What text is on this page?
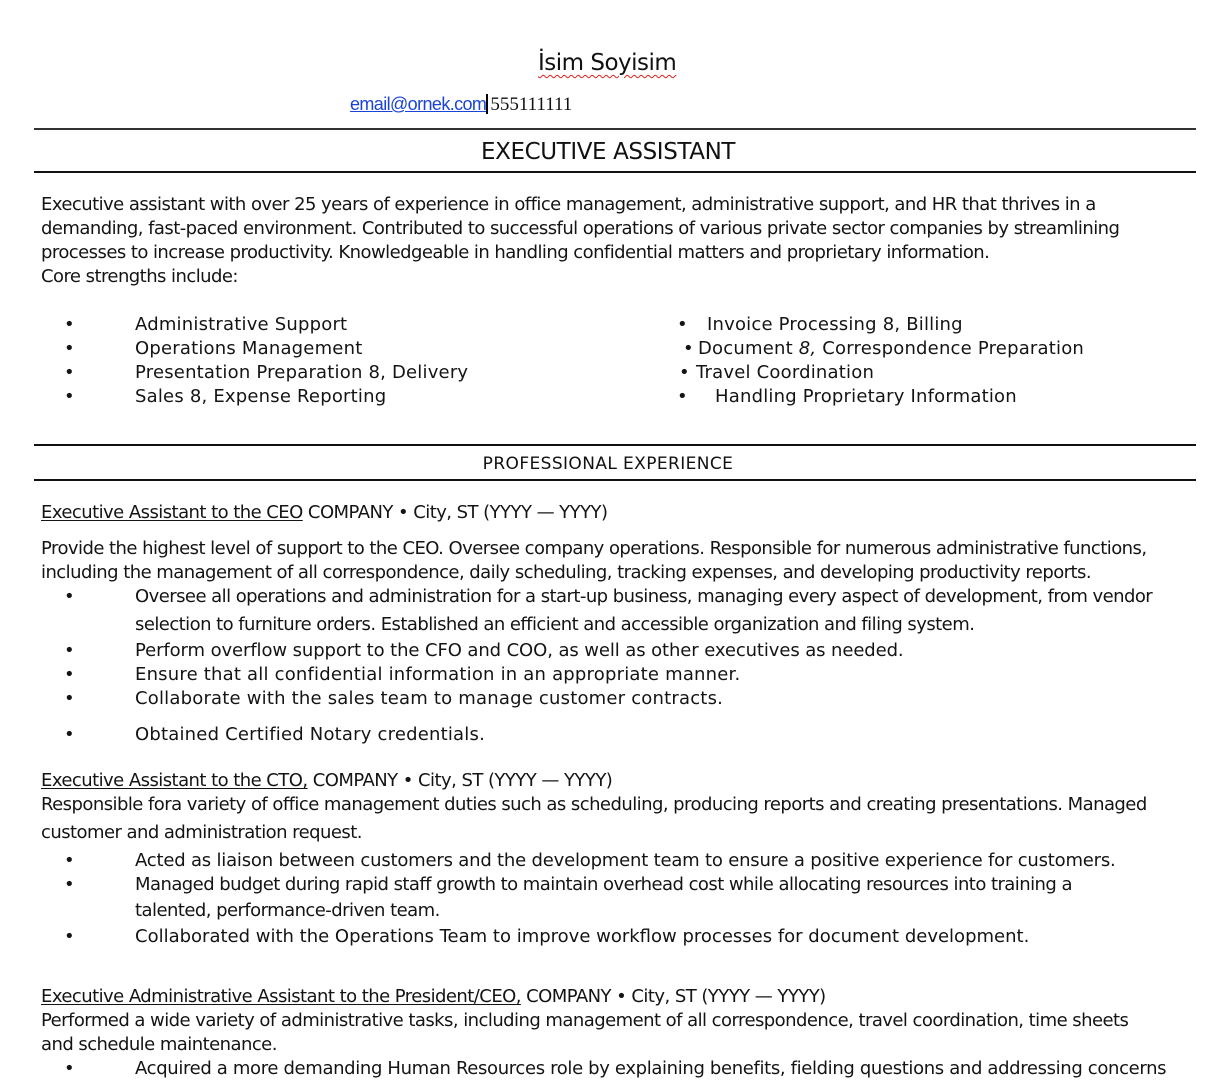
İsim Soyisim
email@ornek.com 555111111
EXECUTIVE ASSISTANT
Executive assistant with over 25 years of experience in office management, administrative support, and HR that thrives in a
demanding, fast-paced environment. Contributed to successful operations of various private sector companies by streamlining
processes to increase productivity. Knowledgeable in handling confidential matters and proprietary information.
Core strengths include:
•	Administrative Support
•	Operations Management
•	Presentation Preparation 8, Delivery
•	Sales 8, Expense Reporting
• Invoice Processing 8, Billing
• Document 8, Correspondence Preparation
• Travel Coordination
• Handling Proprietary Information
PROFESSIONAL EXPERIENCE
Executive Assistant to the CEO COMPANY • City, ST (YYYY — YYYY)
Provide the highest level of support to the CEO. Oversee company operations. Responsible for numerous administrative functions,
including the management of all correspondence, daily scheduling, tracking expenses, and developing productivity reports.
•	Oversee all operations and administration for a start-up business, managing every aspect of development, from vendor
selection to furniture orders. Established an efficient and accessible organization and filing system.
•	Perform overflow support to the CFO and COO, as well as other executives as needed.
•	Ensure that all confidential information in an appropriate manner.
•	Collaborate with the sales team to manage customer contracts.
•	Obtained Certified Notary credentials.
Executive Assistant to the CTO, COMPANY • City, ST (YYYY — YYYY)
Responsible fora variety of office management duties such as scheduling, producing reports and creating presentations. Managed
customer and administration request.
•	Acted as liaison between customers and the development team to ensure a positive experience for customers.
•	Managed budget during rapid staff growth to maintain overhead cost while allocating resources into training a
talented, performance-driven team.
•	Collaborated with the Operations Team to improve workflow processes for document development.
Executive Administrative Assistant to the President/CEO, COMPANY • City, ST (YYYY — YYYY)
Performed a wide variety of administrative tasks, including management of all correspondence, travel coordination, time sheets
and schedule maintenance.
•	Acquired a more demanding Human Resources role by explaining benefits, fielding questions and addressing concerns
